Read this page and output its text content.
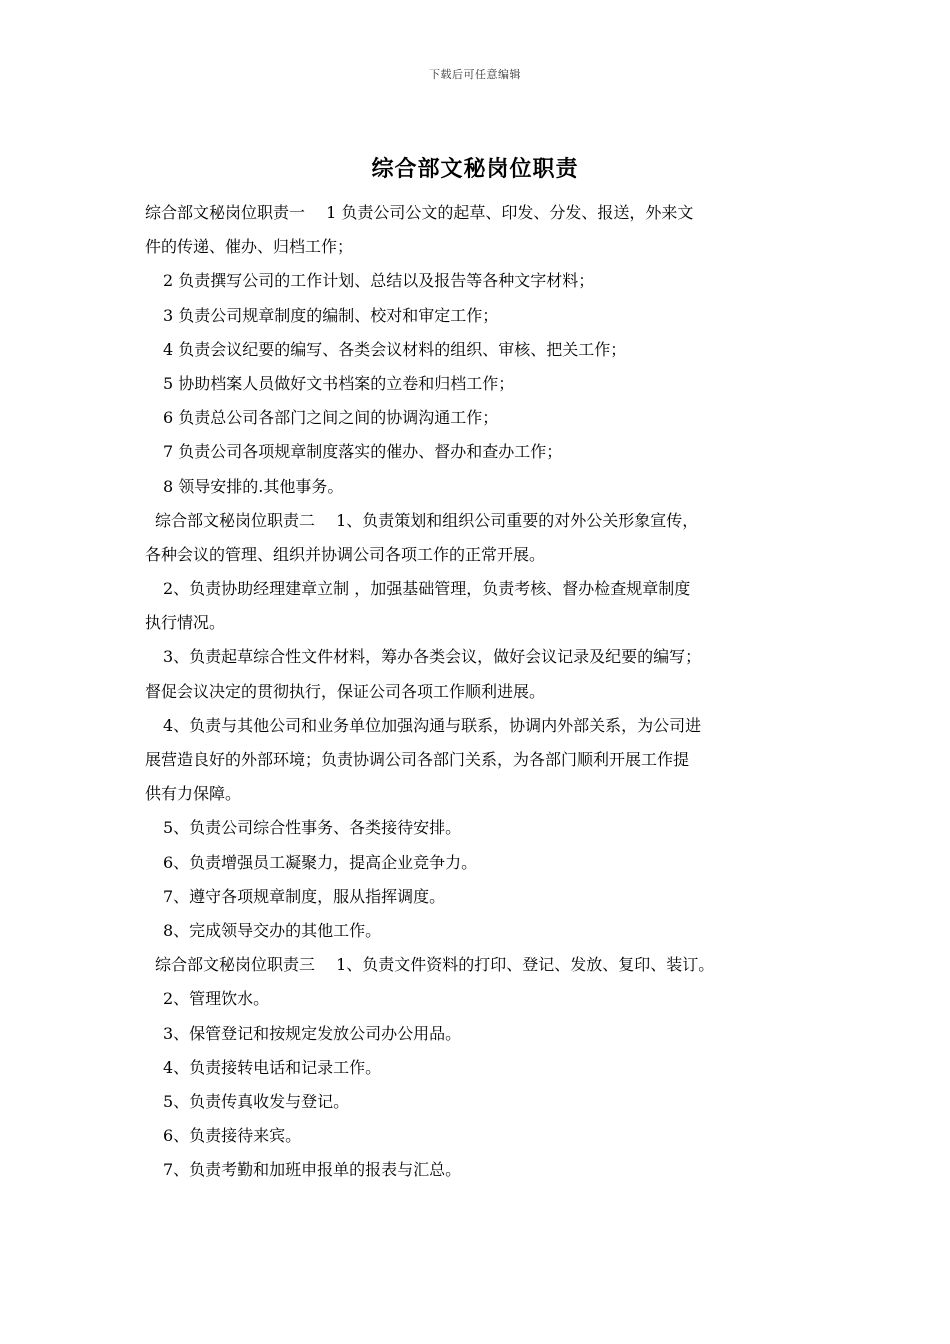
下载后可任意编辑
综合部文秘岗位职责
综合部文秘岗位职责一　 1 负责公司公文的起草、印发、分发、报送，外来文
件的传递、催办、归档工作；
2 负责撰写公司的工作计划、总结以及报告等各种文字材料；
3 负责公司规章制度的编制、校对和审定工作；
4 负责会议纪要的编写、各类会议材料的组织、审核、把关工作；
5 协助档案人员做好文书档案的立卷和归档工作；
6 负责总公司各部门之间之间的协调沟通工作；
7 负责公司各项规章制度落实的催办、督办和查办工作；
8 领导安排的.其他事务。
综合部文秘岗位职责二　 1、负责策划和组织公司重要的对外公关形象宣传，
各种会议的管理、组织并协调公司各项工作的正常开展。
2、负责协助经理建章立制 ，加强基础管理，负责考核、督办检查规章制度
执行情况。
3、负责起草综合性文件材料，筹办各类会议，做好会议记录及纪要的编写；
督促会议决定的贯彻执行，保证公司各项工作顺利进展。
4、负责与其他公司和业务单位加强沟通与联系，协调内外部关系，为公司进
展营造良好的外部环境；负责协调公司各部门关系，为各部门顺利开展工作提
供有力保障。
5、负责公司综合性事务、各类接待安排。
6、负责增强员工凝聚力，提高企业竞争力。
7、遵守各项规章制度，服从指挥调度。
8、完成领导交办的其他工作。
综合部文秘岗位职责三　 1、负责文件资料的打印、登记、发放、复印、装订。
2、管理饮水。
3、保管登记和按规定发放公司办公用品。
4、负责接转电话和记录工作。
5、负责传真收发与登记。
6、负责接待来宾。
7、负责考勤和加班申报单的报表与汇总。
